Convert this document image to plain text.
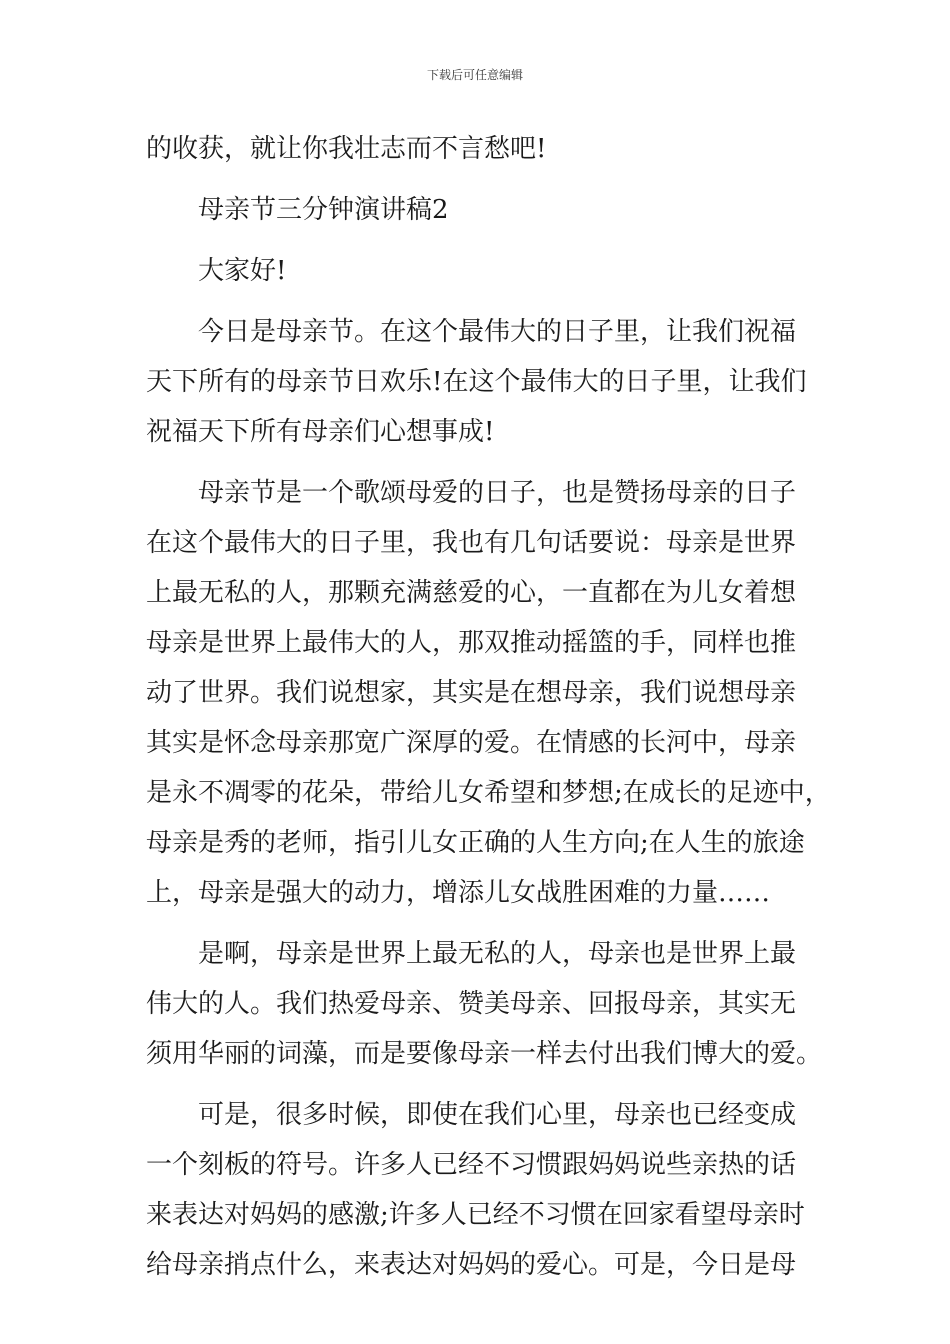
下载后可任意编辑
的收获，就让你我壮志而不言愁吧!
母亲节三分钟演讲稿2
大家好!
今日是母亲节。在这个最伟大的日子里，让我们祝福
天下所有的母亲节日欢乐!在这个最伟大的日子里，让我们
祝福天下所有母亲们心想事成!
母亲节是一个歌颂母爱的日子，也是赞扬母亲的日子
在这个最伟大的日子里，我也有几句话要说：母亲是世界
上最无私的人，那颗充满慈爱的心，一直都在为儿女着想
母亲是世界上最伟大的人，那双推动摇篮的手，同样也推
动了世界。我们说想家，其实是在想母亲，我们说想母亲
其实是怀念母亲那宽广深厚的爱。在情感的长河中，母亲
是永不凋零的花朵，带给儿女希望和梦想;在成长的足迹中，
母亲是秀的老师，指引儿女正确的人生方向;在人生的旅途
上，母亲是强大的动力，增添儿女战胜困难的力量……
是啊，母亲是世界上最无私的人，母亲也是世界上最
伟大的人。我们热爱母亲、赞美母亲、回报母亲，其实无
须用华丽的词藻，而是要像母亲一样去付出我们博大的爱。
可是，很多时候，即使在我们心里，母亲也已经变成
一个刻板的符号。许多人已经不习惯跟妈妈说些亲热的话
来表达对妈妈的感激;许多人已经不习惯在回家看望母亲时
给母亲捎点什么，来表达对妈妈的爱心。可是，今日是母
